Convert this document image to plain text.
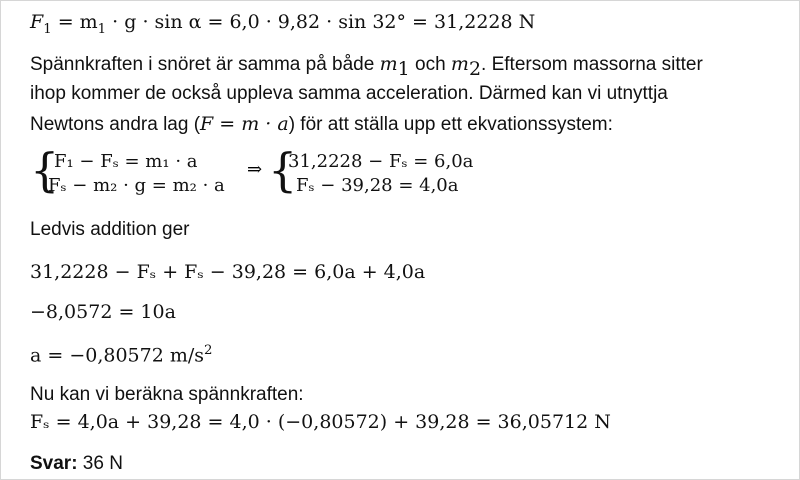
$F_1 = m_1 \cdot g \cdot \sin \alpha = 6,0 \cdot 9,82 \cdot \sin 32^\circ = 31,2228$ N
Spännkraften i snöret är samma på både $m_1$ och $m_2$. Eftersom massorna sitter
ihop kommer de också uppleva samma acceleration. Därmed kan vi utnyttja
Newtons andra lag (F = m · a) för att ställa upp ett ekvationssystem:
{
F₁ − Fₛ = m₁ · a
Fₛ − m₂ · g = m₂ · a
⇒ {
31,2228 − Fₛ = 6,0a
Fₛ − 39,28 = 4,0a
Ledvis addition ger
31,2228 − Fₛ + Fₛ − 39,28 = 6,0a + 4,0a
−8,0572 = 10a
a = −0,80572 $m/s^2$
Nu kan vi beräkna spännkraften:
Fₛ = 4,0a + 39,28 = 4,0 · (−0,80572) + 39,28 = 36,05712 N
Svar: 36 N
